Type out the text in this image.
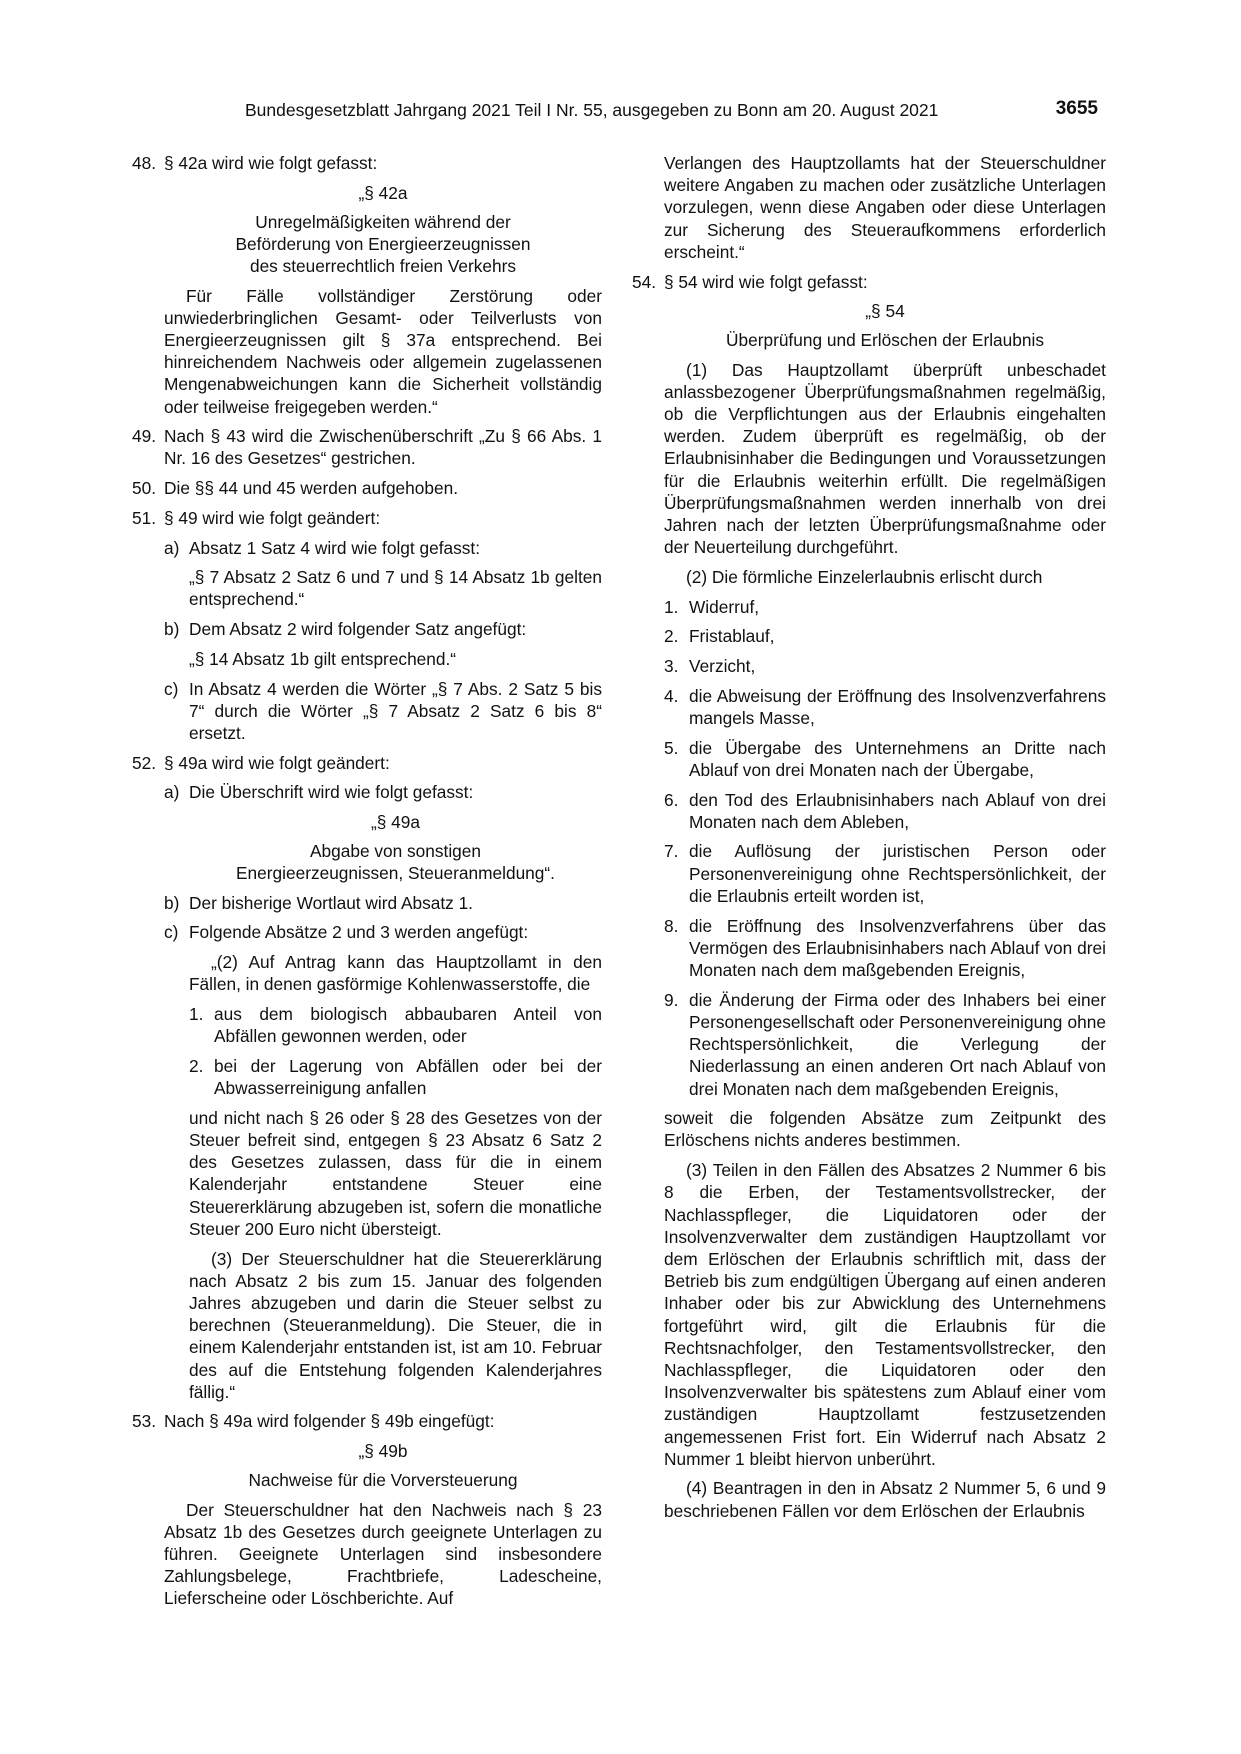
Bundesgesetzblatt Jahrgang 2021 Teil I Nr. 55, ausgegeben zu Bonn am 20. August 2021	3655
48. § 42a wird wie folgt gefasst:

„§ 42a

Unregelmäßigkeiten während der

Beförderung von Energieerzeugnissen

des steuerrechtlich freien Verkehrs

Für Fälle vollständiger Zerstörung oder unwiederbringlichen Gesamt- oder Teilverlusts von Energieerzeugnissen gilt § 37a entsprechend. Bei hinreichendem Nachweis oder allgemein zugelassenen Mengenabweichungen kann die Sicherheit vollständig oder teilweise freigegeben werden.“

49. Nach § 43 wird die Zwischenüberschrift „Zu § 66 Abs. 1 Nr. 16 des Gesetzes“ gestrichen.
50. Die §§ 44 und 45 werden aufgehoben.
51. § 49 wird wie folgt geändert:
a) Absatz 1 Satz 4 wird wie folgt gefasst:

„§ 7 Absatz 2 Satz 6 und 7 und § 14 Absatz 1b gelten entsprechend.“

b) Dem Absatz 2 wird folgender Satz angefügt:

„§ 14 Absatz 1b gilt entsprechend.“

c) In Absatz 4 werden die Wörter „§ 7 Abs. 2 Satz 5 bis 7“ durch die Wörter „§ 7 Absatz 2 Satz 6 bis 8“ ersetzt.
52. § 49a wird wie folgt geändert:
a) Die Überschrift wird wie folgt gefasst:

„§ 49a

Abgabe von sonstigen

Energieerzeugnissen, Steueranmeldung“.

b) Der bisherige Wortlaut wird Absatz 1.
c) Folgende Absätze 2 und 3 werden angefügt:

„(2) Auf Antrag kann das Hauptzollamt in den Fällen, in denen gasförmige Kohlenwasserstoffe, die

1. aus dem biologisch abbaubaren Anteil von Abfällen gewonnen werden, oder
2. bei der Lagerung von Abfällen oder bei der Abwasserreinigung anfallen

und nicht nach § 26 oder § 28 des Gesetzes von der Steuer befreit sind, entgegen § 23 Absatz 6 Satz 2 des Gesetzes zulassen, dass für die in einem Kalenderjahr entstandene Steuer eine Steuererklärung abzugeben ist, sofern die monatliche Steuer 200 Euro nicht übersteigt.

(3) Der Steuerschuldner hat die Steuererklärung nach Absatz 2 bis zum 15. Januar des folgenden Jahres abzugeben und darin die Steuer selbst zu berechnen (Steueranmeldung). Die Steuer, die in einem Kalenderjahr entstanden ist, ist am 10. Februar des auf die Entstehung folgenden Kalenderjahres fällig.“

53. Nach § 49a wird folgender § 49b eingefügt:

„§ 49b

Nachweise für die Vorversteuerung

Der Steuerschuldner hat den Nachweis nach § 23 Absatz 1b des Gesetzes durch geeignete Unterlagen zu führen. Geeignete Unterlagen sind insbesondere Zahlungsbelege, Frachtbriefe, Ladescheine, Lieferscheine oder Löschberichte. Auf

Verlangen des Hauptzollamts hat der Steuerschuldner weitere Angaben zu machen oder zusätzliche Unterlagen vorzulegen, wenn diese Angaben oder diese Unterlagen zur Sicherung des Steueraufkommens erforderlich erscheint.“

54. § 54 wird wie folgt gefasst:

„§ 54

Überprüfung und Erlöschen der Erlaubnis

(1) Das Hauptzollamt überprüft unbeschadet anlassbezogener Überprüfungsmaßnahmen regelmäßig, ob die Verpflichtungen aus der Erlaubnis eingehalten werden. Zudem überprüft es regelmäßig, ob der Erlaubnisinhaber die Bedingungen und Voraussetzungen für die Erlaubnis weiterhin erfüllt. Die regelmäßigen Überprüfungsmaßnahmen werden innerhalb von drei Jahren nach der letzten Überprüfungsmaßnahme oder der Neuerteilung durchgeführt.

(2) Die förmliche Einzelerlaubnis erlischt durch

1. Widerruf,
2. Fristablauf,
3. Verzicht,
4. die Abweisung der Eröffnung des Insolvenzverfahrens mangels Masse,
5. die Übergabe des Unternehmens an Dritte nach Ablauf von drei Monaten nach der Übergabe,
6. den Tod des Erlaubnisinhabers nach Ablauf von drei Monaten nach dem Ableben,
7. die Auflösung der juristischen Person oder Personenvereinigung ohne Rechtspersönlichkeit, der die Erlaubnis erteilt worden ist,
8. die Eröffnung des Insolvenzverfahrens über das Vermögen des Erlaubnisinhabers nach Ablauf von drei Monaten nach dem maßgebenden Ereignis,
9. die Änderung der Firma oder des Inhabers bei einer Personengesellschaft oder Personenvereinigung ohne Rechtspersönlichkeit, die Verlegung der Niederlassung an einen anderen Ort nach Ablauf von drei Monaten nach dem maßgebenden Ereignis,

soweit die folgenden Absätze zum Zeitpunkt des Erlöschens nichts anderes bestimmen.

(3) Teilen in den Fällen des Absatzes 2 Nummer 6 bis 8 die Erben, der Testamentsvollstrecker, der Nachlasspfleger, die Liquidatoren oder der Insolvenzverwalter dem zuständigen Hauptzollamt vor dem Erlöschen der Erlaubnis schriftlich mit, dass der Betrieb bis zum endgültigen Übergang auf einen anderen Inhaber oder bis zur Abwicklung des Unternehmens fortgeführt wird, gilt die Erlaubnis für die Rechtsnachfolger, den Testamentsvollstrecker, den Nachlasspfleger, die Liquidatoren oder den Insolvenzverwalter bis spätestens zum Ablauf einer vom zuständigen Hauptzollamt festzusetzenden angemessenen Frist fort. Ein Widerruf nach Absatz 2 Nummer 1 bleibt hiervon unberührt.

(4) Beantragen in den in Absatz 2 Nummer 5, 6 und 9 beschriebenen Fällen vor dem Erlöschen der Erlaubnis
